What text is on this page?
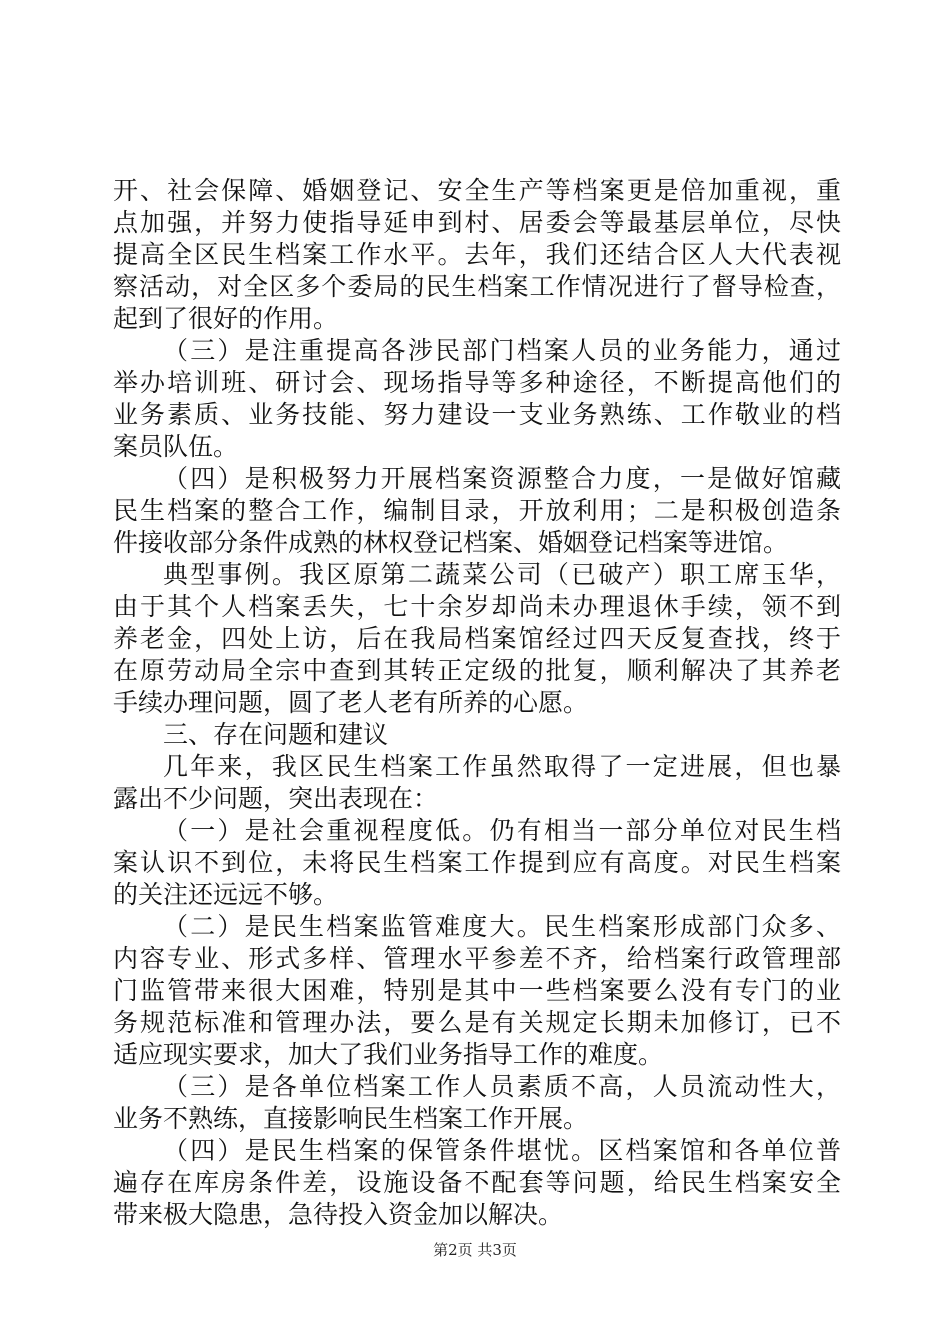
开、社会保障、婚姻登记、安全生产等档案更是倍加重视，重
点加强，并努力使指导延申到村、居委会等最基层单位，尽快
提高全区民生档案工作水平。去年，我们还结合区人大代表视
察活动，对全区多个委局的民生档案工作情况进行了督导检查，
起到了很好的作用。
（三）是注重提高各涉民部门档案人员的业务能力，通过
举办培训班、研讨会、现场指导等多种途径，不断提高他们的
业务素质、业务技能、努力建设一支业务熟练、工作敬业的档
案员队伍。
（四）是积极努力开展档案资源整合力度，一是做好馆藏
民生档案的整合工作，编制目录，开放利用；二是积极创造条
件接收部分条件成熟的林权登记档案、婚姻登记档案等进馆。
典型事例。我区原第二蔬菜公司（已破产）职工席玉华，
由于其个人档案丢失，七十余岁却尚未办理退休手续，领不到
养老金，四处上访，后在我局档案馆经过四天反复查找，终于
在原劳动局全宗中查到其转正定级的批复，顺利解决了其养老
手续办理问题，圆了老人老有所养的心愿。
三、存在问题和建议
几年来，我区民生档案工作虽然取得了一定进展，但也暴
露出不少问题，突出表现在：
（一）是社会重视程度低。仍有相当一部分单位对民生档
案认识不到位，未将民生档案工作提到应有高度。对民生档案
的关注还远远不够。
（二）是民生档案监管难度大。民生档案形成部门众多、
内容专业、形式多样、管理水平参差不齐，给档案行政管理部
门监管带来很大困难，特别是其中一些档案要么没有专门的业
务规范标准和管理办法，要么是有关规定长期未加修订，已不
适应现实要求，加大了我们业务指导工作的难度。
（三）是各单位档案工作人员素质不高，人员流动性大，
业务不熟练，直接影响民生档案工作开展。
（四）是民生档案的保管条件堪忧。区档案馆和各单位普
遍存在库房条件差，设施设备不配套等问题，给民生档案安全
带来极大隐患，急待投入资金加以解决。
第2页 共3页
